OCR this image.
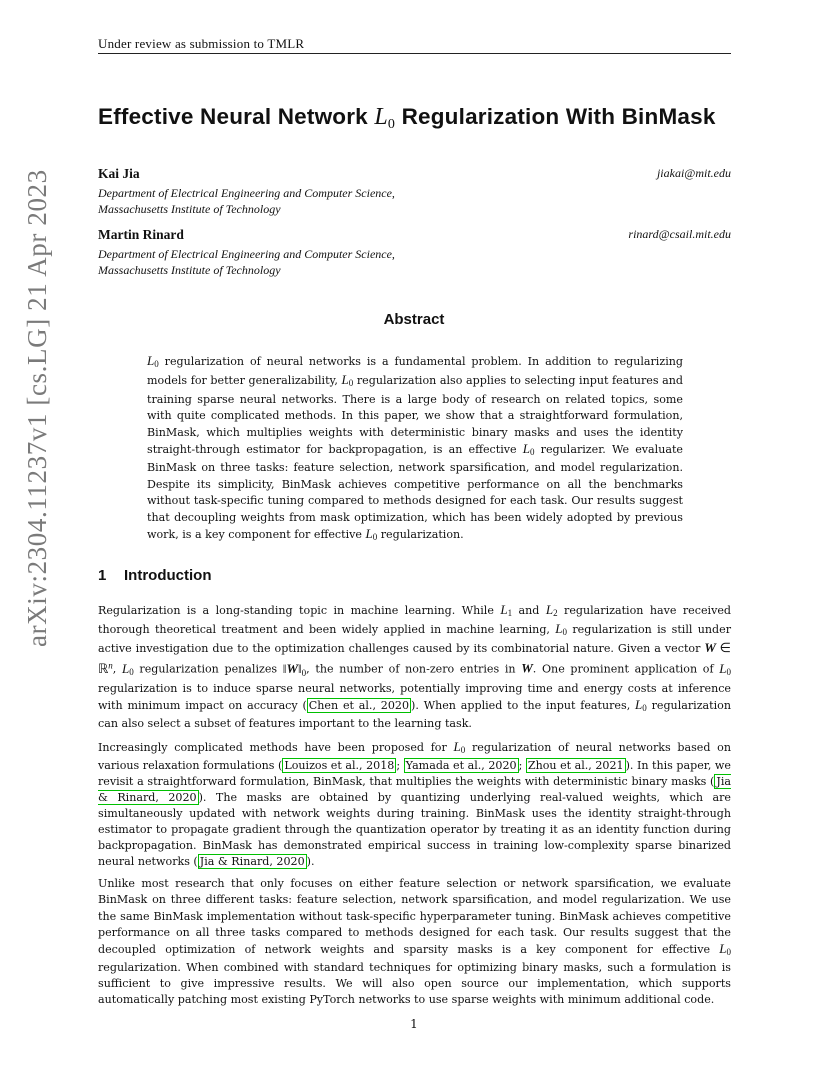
Under review as submission to TMLR
Effective Neural Network $L_0$ Regularization With BinMask
Kai Jia	jiakai@mit.edu
Department of Electrical Engineering and Computer Science,
Massachusetts Institute of Technology
Martin Rinard	rinard@csail.mit.edu
Department of Electrical Engineering and Computer Science,
Massachusetts Institute of Technology
arXiv:2304.11237v1 [cs.LG] 21 Apr 2023	Abstract
$L_0$ regularization of neural networks is a fundamental problem. In addition to regularizing models for better generalizability, $L_0$ regularization also applies to selecting input features and training sparse neural networks. There is a large body of research on related topics, some with quite complicated methods. In this paper, we show that a straightforward formulation, BinMask, which multiplies weights with deterministic binary masks and uses the identity straight-through estimator for backpropagation, is an effective $L_0$ regularizer. We evaluate BinMask on three tasks: feature selection, network sparsification, and model regularization. Despite its simplicity, BinMask achieves competitive performance on all the benchmarks without task-specific tuning compared to methods designed for each task. Our results suggest that decoupling weights from mask optimization, which has been widely adopted by previous work, is a key component for effective $L_0$ regularization.
1 Introduction

Regularization is a long-standing topic in machine learning. While $L_1$ and $L_2$ regularization have received thorough theoretical treatment and been widely applied in machine learning, $L_0$ regularization is still under active investigation due to the optimization challenges caused by its combinatorial nature. Given a vector W ∈ ℝ$^n$, $L_0$ regularization penalizes $‖W‖_0$, the number of non-zero entries in W. One prominent application of $L_0$ regularization is to induce sparse neural networks, potentially improving time and energy costs at inference with minimum impact on accuracy ( Chen et al., 2020 ). When applied to the input features, $L_0$ regularization can also select a subset of features important to the learning task.

Increasingly complicated methods have been proposed for $L_0$ regularization of neural networks based on various relaxation formulations ( Louizos et al., 2018 ; Yamada et al., 2020 ; Zhou et al., 2021 ). In this paper, we revisit a straightforward formulation, BinMask, that multiplies the weights with deterministic binary masks ( Jia & Rinard, 2020 ). The masks are obtained by quantizing underlying real-valued weights, which are simultaneously updated with network weights during training. BinMask uses the identity straight-through estimator to propagate gradient through the quantization operator by treating it as an identity function during backpropagation. BinMask has demonstrated empirical success in training low-complexity sparse binarized neural networks ( Jia & Rinard, 2020 ).

Unlike most research that only focuses on either feature selection or network sparsification, we evaluate BinMask on three different tasks: feature selection, network sparsification, and model regularization. We use the same BinMask implementation without task-specific hyperparameter tuning. BinMask achieves competitive performance on all three tasks compared to methods designed for each task. Our results suggest that the decoupled optimization of network weights and sparsity masks is a key component for effective $L_0$ regularization. When combined with standard techniques for optimizing binary masks, such a formulation is sufficient to give impressive results. We will also open source our implementation, which supports automatically patching most existing PyTorch networks to use sparse weights with minimum additional code.

1
